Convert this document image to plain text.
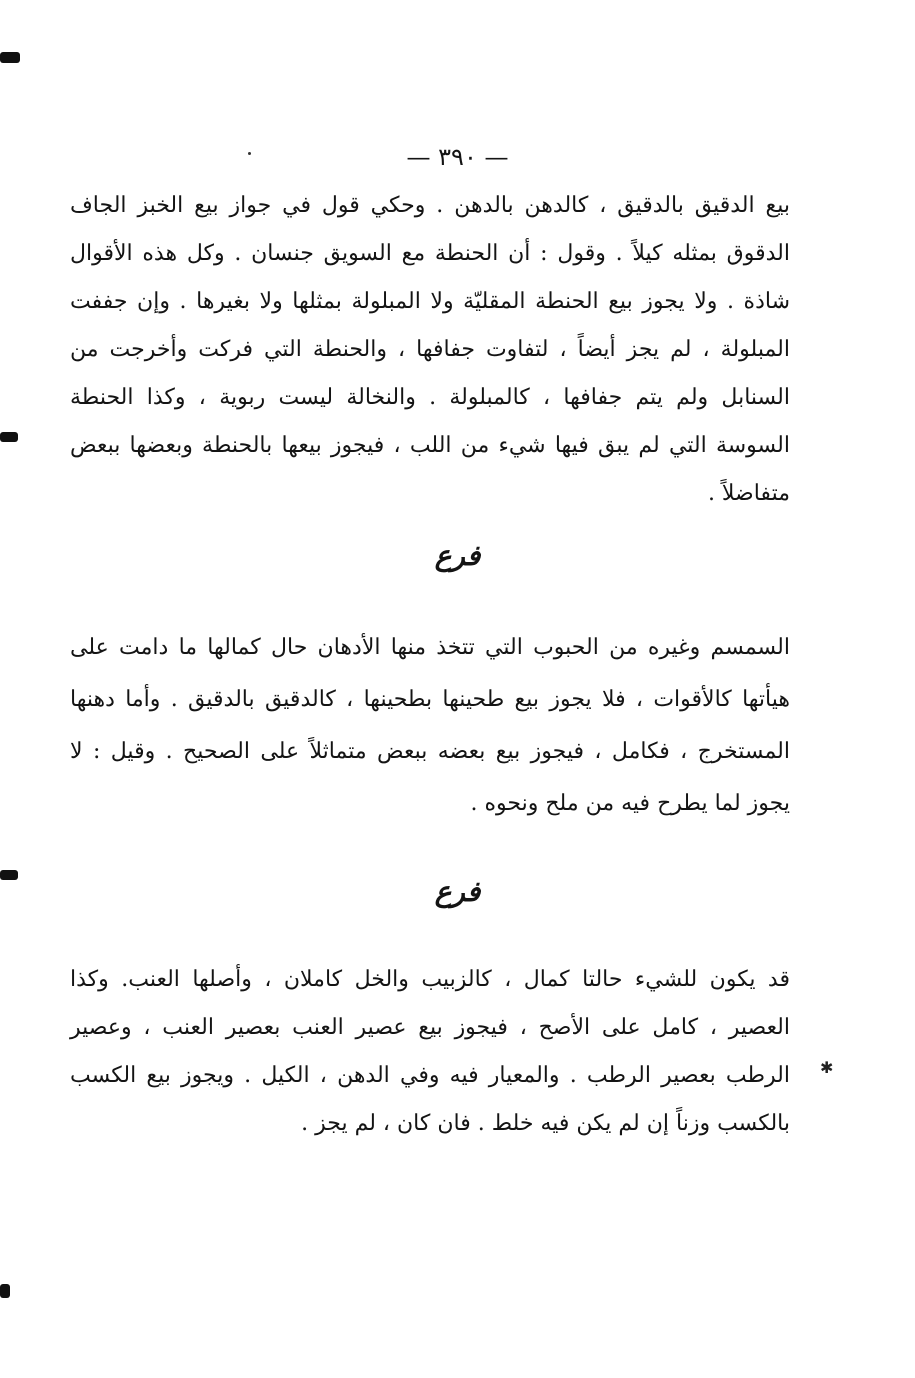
✱
— ٣٩٠ —

بيع الدقيق بالدقيق ، كالدهن بالدهن . وحكي قول في جواز بيع الخبز الجاف الدقوق بمثله كيلاً . وقول : أن الحنطة مع السويق جنسان . وكل هذه الأقوال شاذة . ولا يجوز بيع الحنطة المقليّة ولا المبلولة بمثلها ولا بغيرها . وإن جففت المبلولة ، لم يجز أيضاً ، لتفاوت جفافها ، والحنطة التي فركت وأخرجت من السنابل ولم يتم جفافها ، كالمبلولة . والنخالة ليست ربوية ، وكذا الحنطة السوسة التي لم يبق فيها شيء من اللب ، فيجوز بيعها بالحنطة وبعضها ببعض متفاضلاً .

فرع

السمسم وغيره من الحبوب التي تتخذ منها الأدهان حال كمالها ما دامت على هيأتها كالأقوات ، فلا يجوز بيع طحينها بطحينها ، كالدقيق بالدقيق . وأما دهنها المستخرج ، فكامل ، فيجوز بيع بعضه ببعض متماثلاً على الصحيح . وقيل : لا يجوز لما يطرح فيه من ملح ونحوه .

فرع

قد يكون للشيء حالتا كمال ، كالزبيب والخل كاملان ، وأصلها العنب. وكذا العصير ، كامل على الأصح ، فيجوز بيع عصير العنب بعصير العنب ، وعصير الرطب بعصير الرطب . والمعيار فيه وفي الدهن ، الكيل . ويجوز بيع الكسب بالكسب وزناً إن لم يكن فيه خلط . فان كان ، لم يجز .
